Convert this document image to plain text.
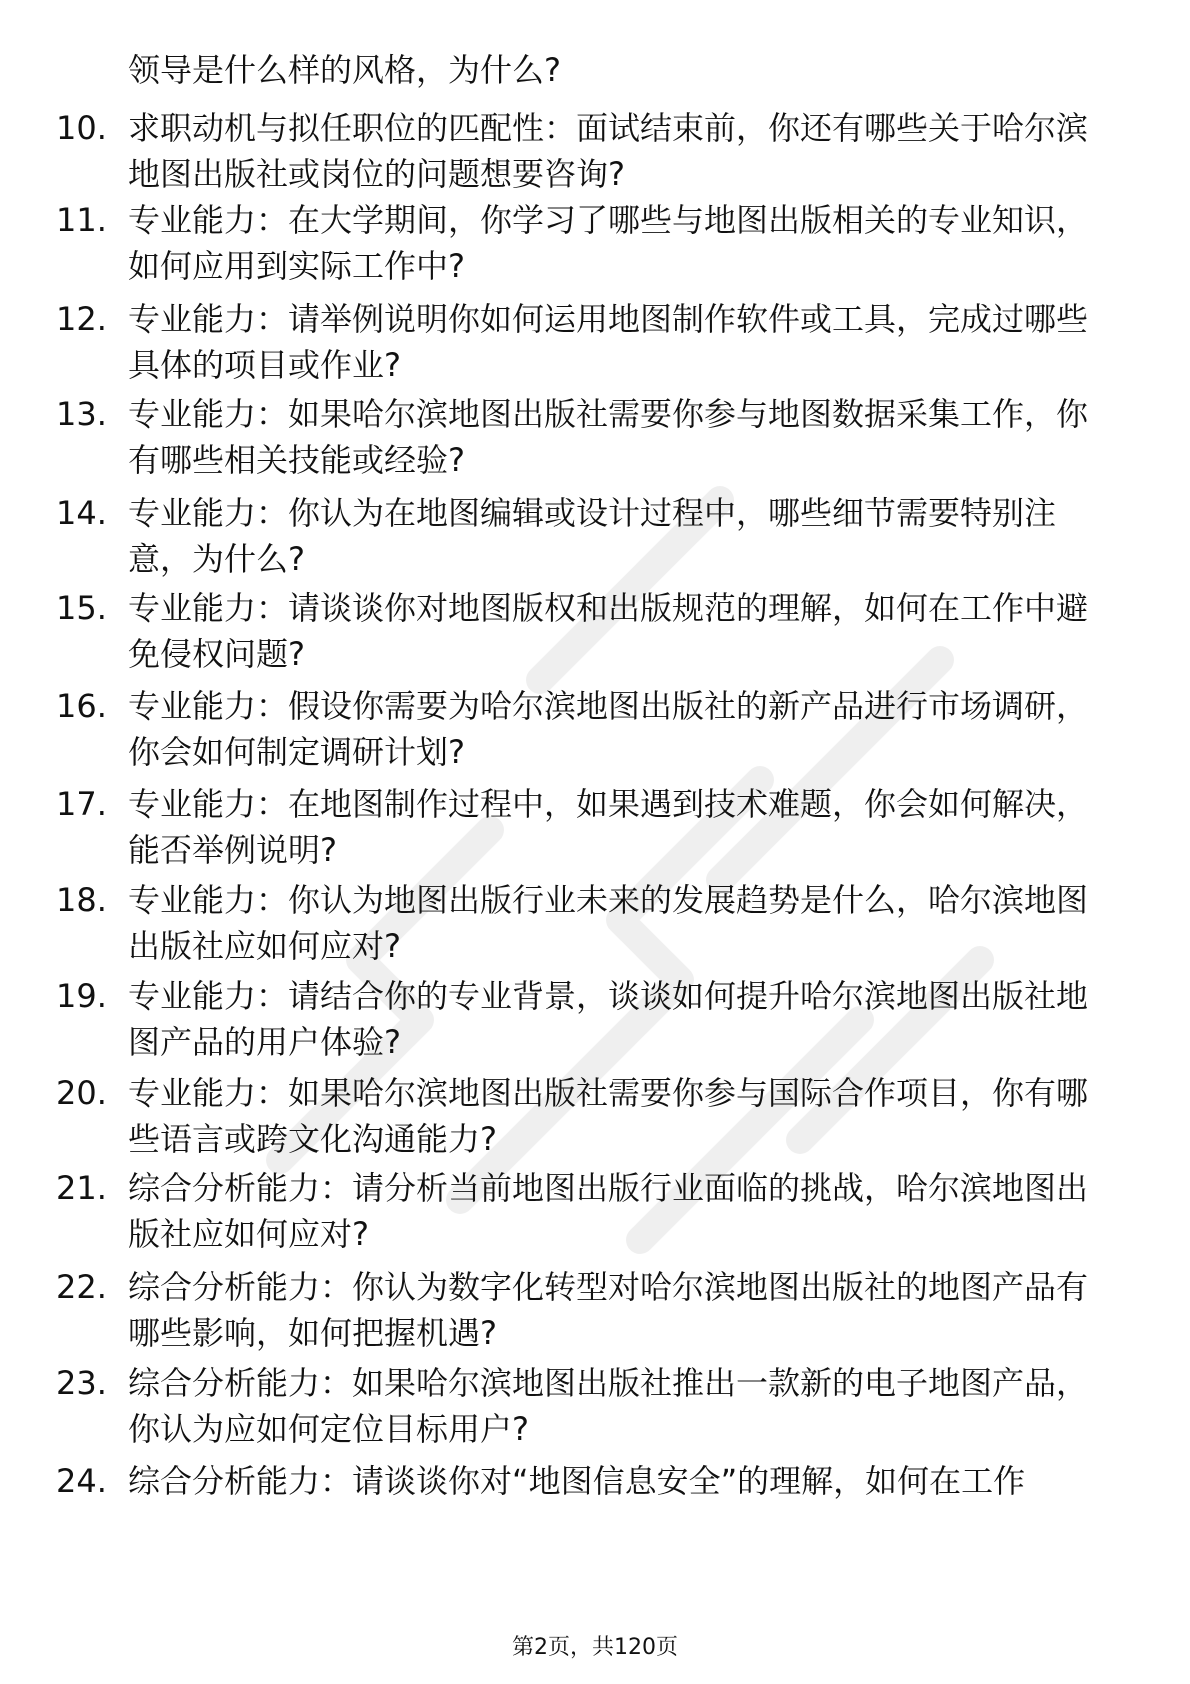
领导是什么样的风格，为什么?
10. 求职动机与拟任职位的匹配性：面试结束前，你还有哪些关于哈尔滨地图出版社或岗位的问题想要咨询?
11. 专业能力：在大学期间，你学习了哪些与地图出版相关的专业知识，如何应用到实际工作中?
12. 专业能力：请举例说明你如何运用地图制作软件或工具，完成过哪些具体的项目或作业?
13. 专业能力：如果哈尔滨地图出版社需要你参与地图数据采集工作，你有哪些相关技能或经验?
14. 专业能力：你认为在地图编辑或设计过程中，哪些细节需要特别注意，为什么?
15. 专业能力：请谈谈你对地图版权和出版规范的理解，如何在工作中避免侵权问题?
16. 专业能力：假设你需要为哈尔滨地图出版社的新产品进行市场调研，你会如何制定调研计划?
17. 专业能力：在地图制作过程中，如果遇到技术难题，你会如何解决，能否举例说明?
18. 专业能力：你认为地图出版行业未来的发展趋势是什么，哈尔滨地图出版社应如何应对?
19. 专业能力：请结合你的专业背景，谈谈如何提升哈尔滨地图出版社地图产品的用户体验?
20. 专业能力：如果哈尔滨地图出版社需要你参与国际合作项目，你有哪些语言或跨文化沟通能力?
21. 综合分析能力：请分析当前地图出版行业面临的挑战，哈尔滨地图出版社应如何应对?
22. 综合分析能力：你认为数字化转型对哈尔滨地图出版社的地图产品有哪些影响，如何把握机遇?
23. 综合分析能力：如果哈尔滨地图出版社推出一款新的电子地图产品，你认为应如何定位目标用户?
24. 综合分析能力：请谈谈你对“地图信息安全”的理解，如何在工作
第2页，共120页
